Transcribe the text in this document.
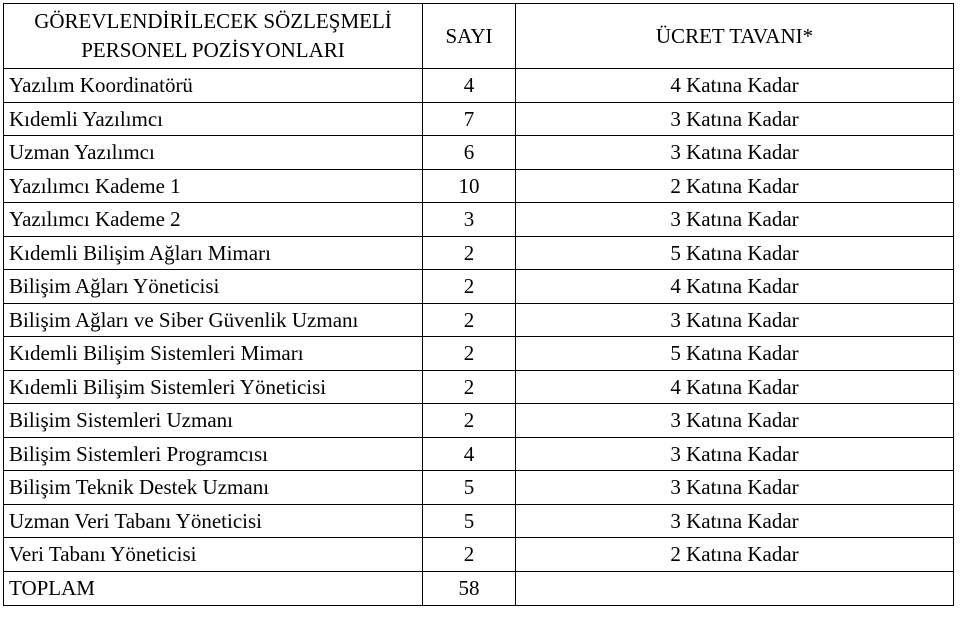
GÖREVLENDİRİLECEK SÖZLEŞMELİ
PERSONEL POZİSYONLARI	SAYI	ÜCRET TAVANI*
Yazılım Koordinatörü	4	4 Katına Kadar
Kıdemli Yazılımcı	7	3 Katına Kadar
Uzman Yazılımcı	6	3 Katına Kadar
Yazılımcı Kademe 1	10	2 Katına Kadar
Yazılımcı Kademe 2	3	3 Katına Kadar
Kıdemli Bilişim Ağları Mimarı	2	5 Katına Kadar
Bilişim Ağları Yöneticisi	2	4 Katına Kadar
Bilişim Ağları ve Siber Güvenlik Uzmanı	2	3 Katına Kadar
Kıdemli Bilişim Sistemleri Mimarı	2	5 Katına Kadar
Kıdemli Bilişim Sistemleri Yöneticisi	2	4 Katına Kadar
Bilişim Sistemleri Uzmanı	2	3 Katına Kadar
Bilişim Sistemleri Programcısı	4	3 Katına Kadar
Bilişim Teknik Destek Uzmanı	5	3 Katına Kadar
Uzman Veri Tabanı Yöneticisi	5	3 Katına Kadar
Veri Tabanı Yöneticisi	2	2 Katına Kadar
TOPLAM	58	
